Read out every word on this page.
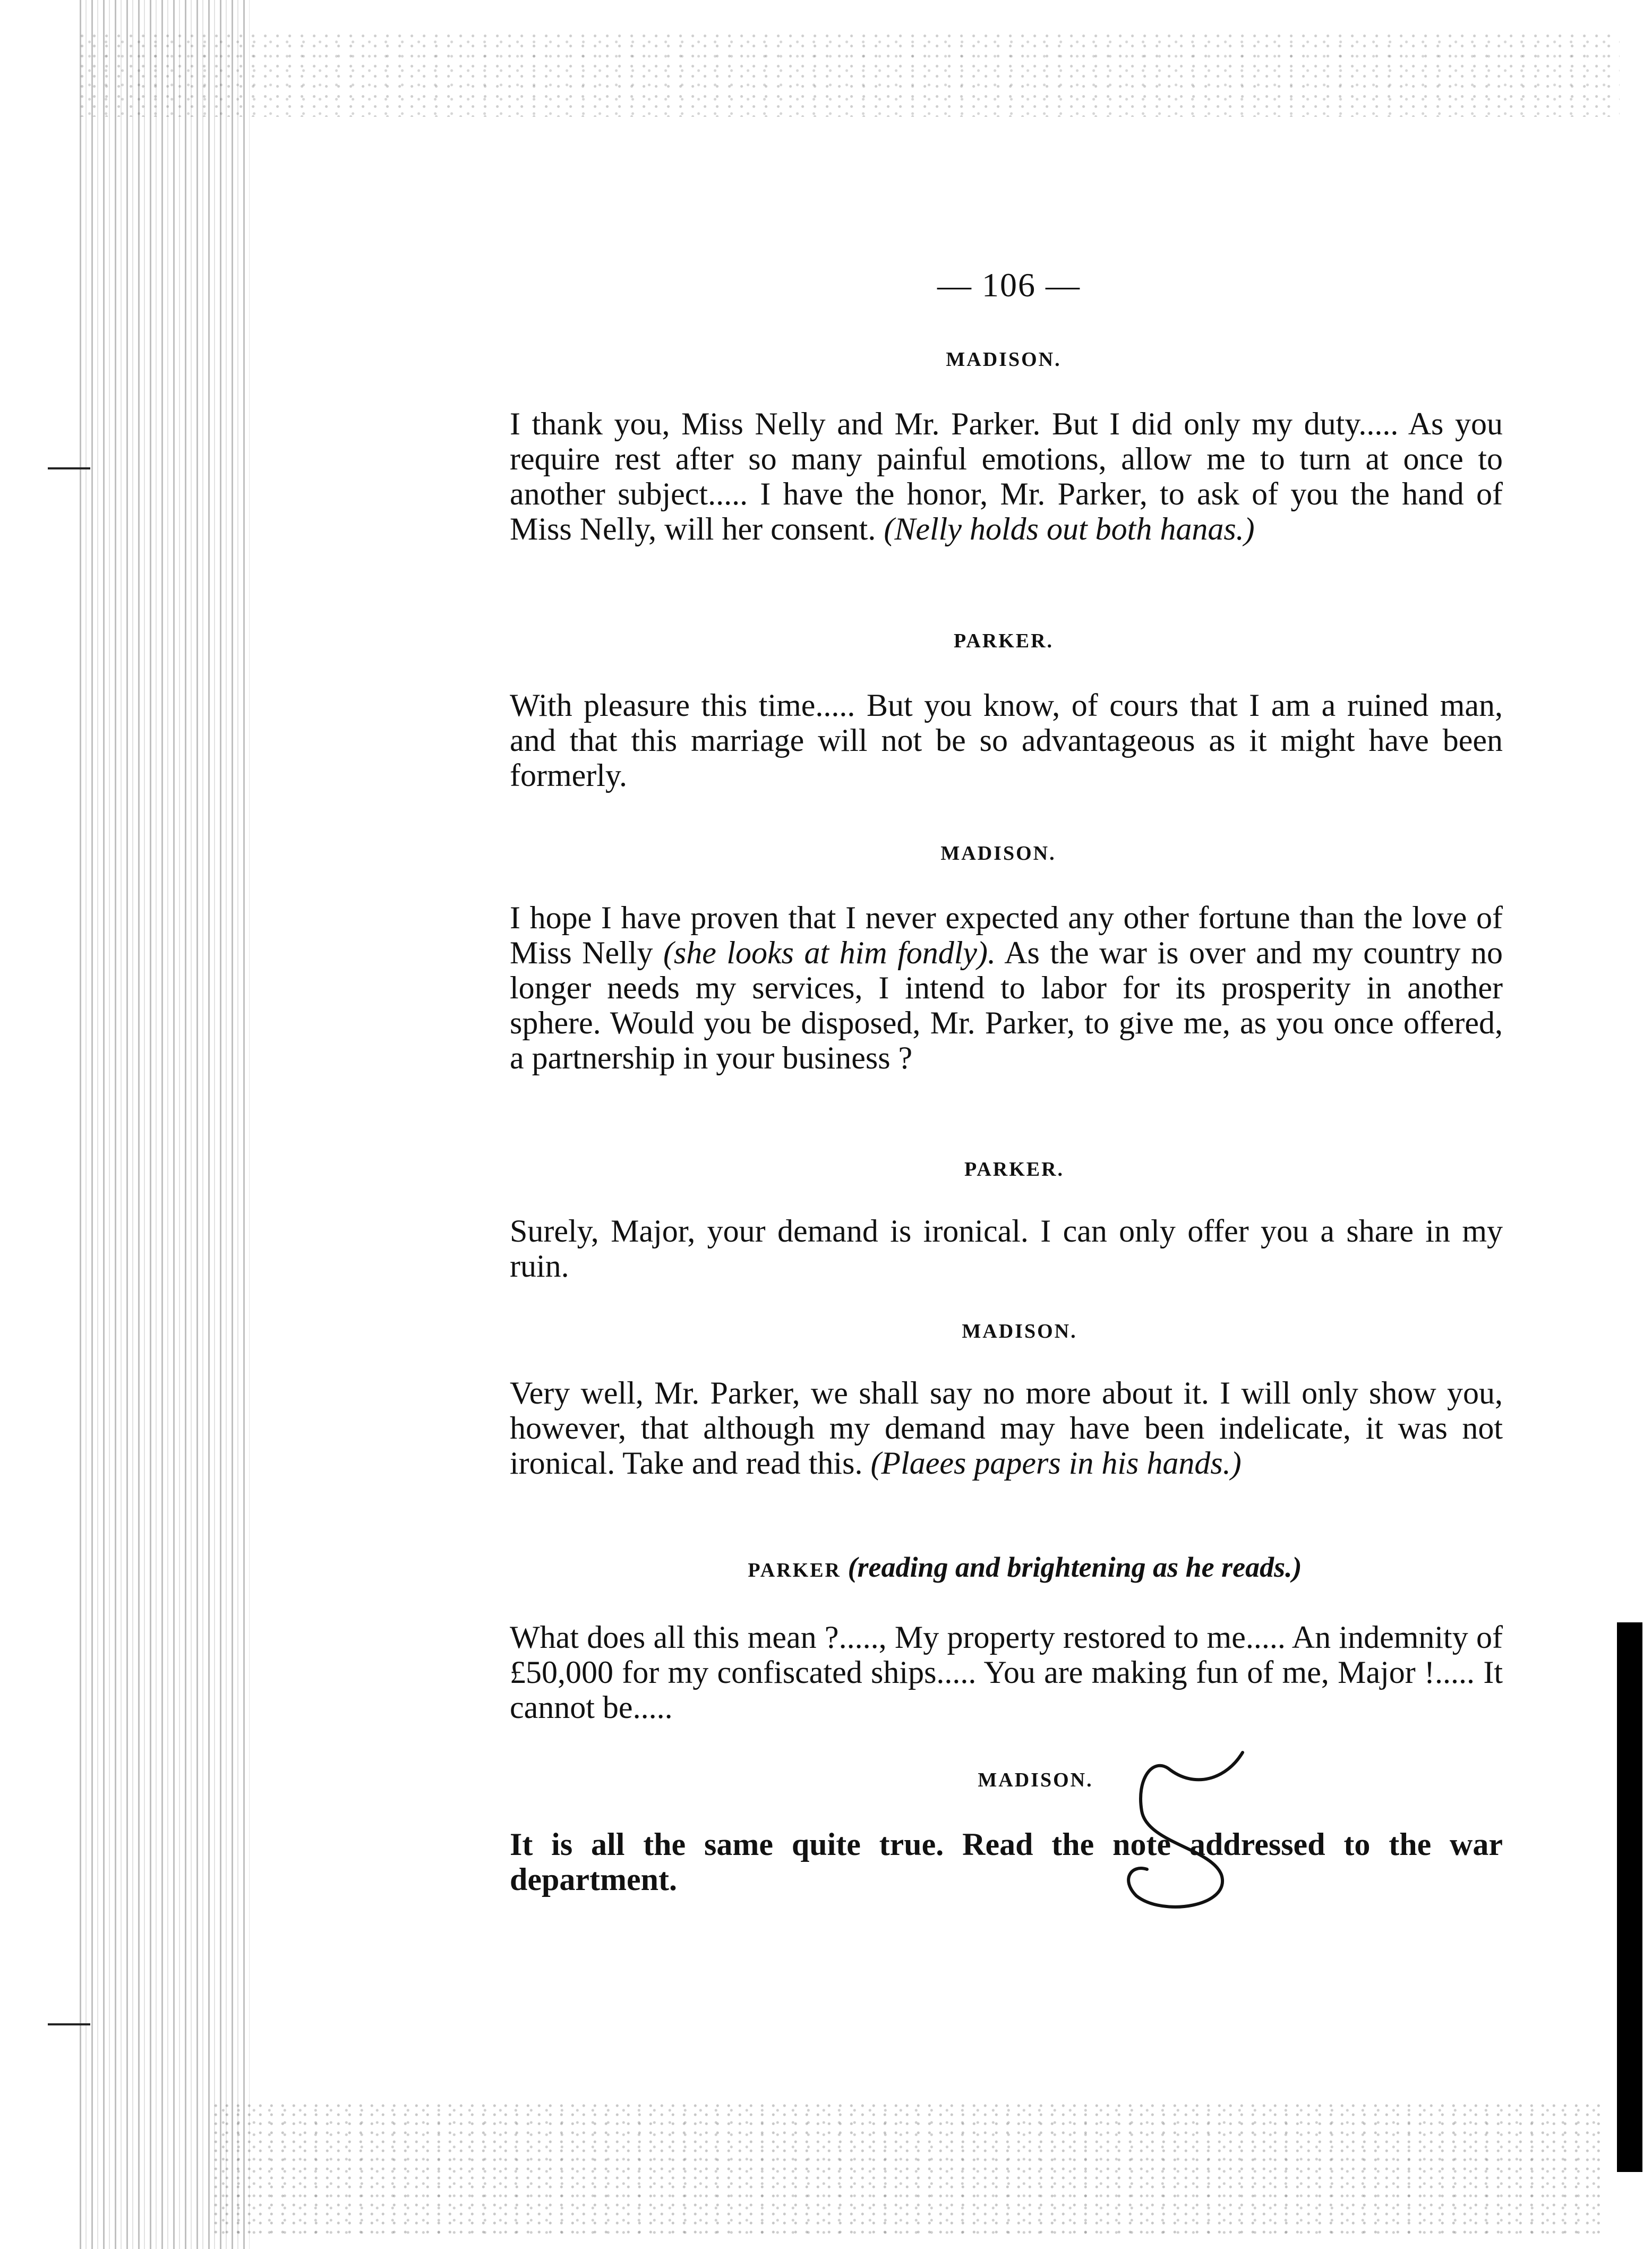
— 106 —
MADISON.
I thank you, Miss Nelly and Mr. Parker. But I did only my duty..... As you require rest after so many painful emotions, allow me to turn at once to another subject..... I have the honor, Mr. Parker, to ask of you the hand of Miss Nelly, will her consent. (Nelly holds out both hanas.)
PARKER.
With pleasure this time..... But you know, of cours that I am a ruined man, and that this marriage will not be so advantageous as it might have been formerly.
MADISON.
I hope I have proven that I never expected any other fortune than the love of Miss Nelly (she looks at him fondly). As the war is over and my country no longer needs my services, I intend to labor for its prosperity in another sphere. Would you be disposed, Mr. Parker, to give me, as you once offered, a partnership in your business ?
PARKER.
Surely, Major, your demand is ironical. I can only offer you a share in my ruin.
MADISON.
Very well, Mr. Parker, we shall say no more about it. I will only show you, however, that although my demand may have been indelicate, it was not ironical. Take and read this. (Plaees papers in his hands.)
PARKER (reading and brightening as he reads.)
What does all this mean ?....., My property restored to me..... An indemnity of £50,000 for my confiscated ships..... You are making fun of me, Major !..... It cannot be.....
MADISON.
It is all the same quite true. Read the note addressed to the war department.
